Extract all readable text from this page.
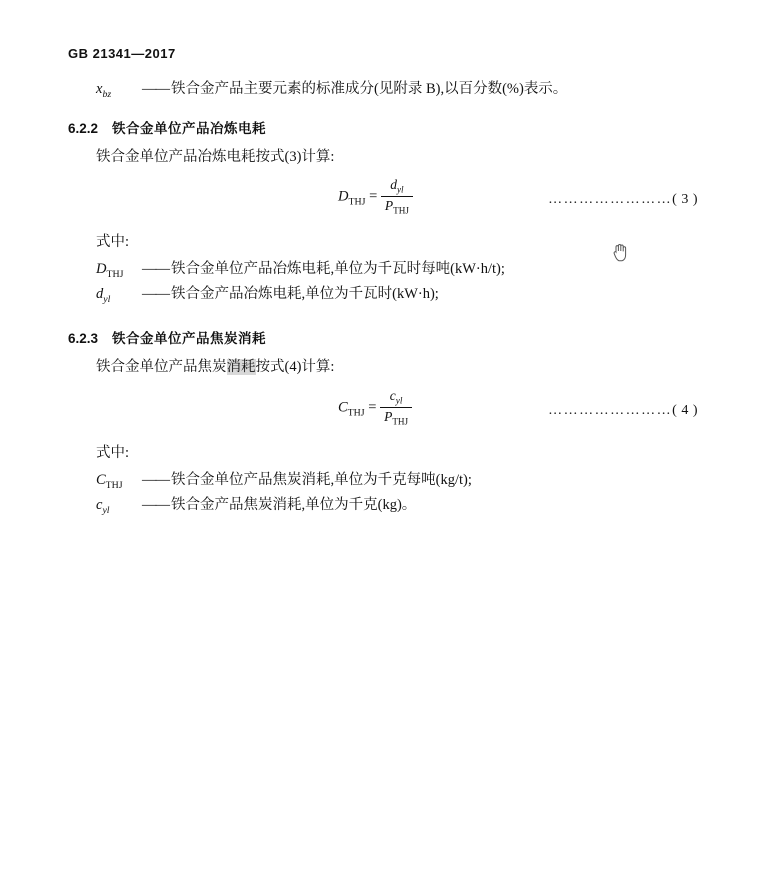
GB 21341—2017
$x_{bz}$ —— 铁合金产品主要元素的标准成分(见附录 B),以百分数(%)表示。
6.2.2 铁合金单位产品冶炼电耗
铁合金单位产品冶炼电耗按式(3)计算:
$D_{THJ} = \frac{d_{yl}}{P_{THJ}}$	……………………( 3 )
式中:
$D_{THJ}$ —— 铁合金单位产品冶炼电耗,单位为千瓦时每吨(kW·h/t);
$d_{yl}$ —— 铁合金产品冶炼电耗,单位为千瓦时(kW·h);
6.2.3 铁合金单位产品焦炭消耗
铁合金单位产品焦炭消耗按式(4)计算:
$C_{THJ} = \frac{c_{yl}}{P_{THJ}}$	……………………( 4 )
式中:
$C_{THJ}$ —— 铁合金单位产品焦炭消耗,单位为千克每吨(kg/t);
$c_{yl}$ —— 铁合金产品焦炭消耗,单位为千克(kg)。
